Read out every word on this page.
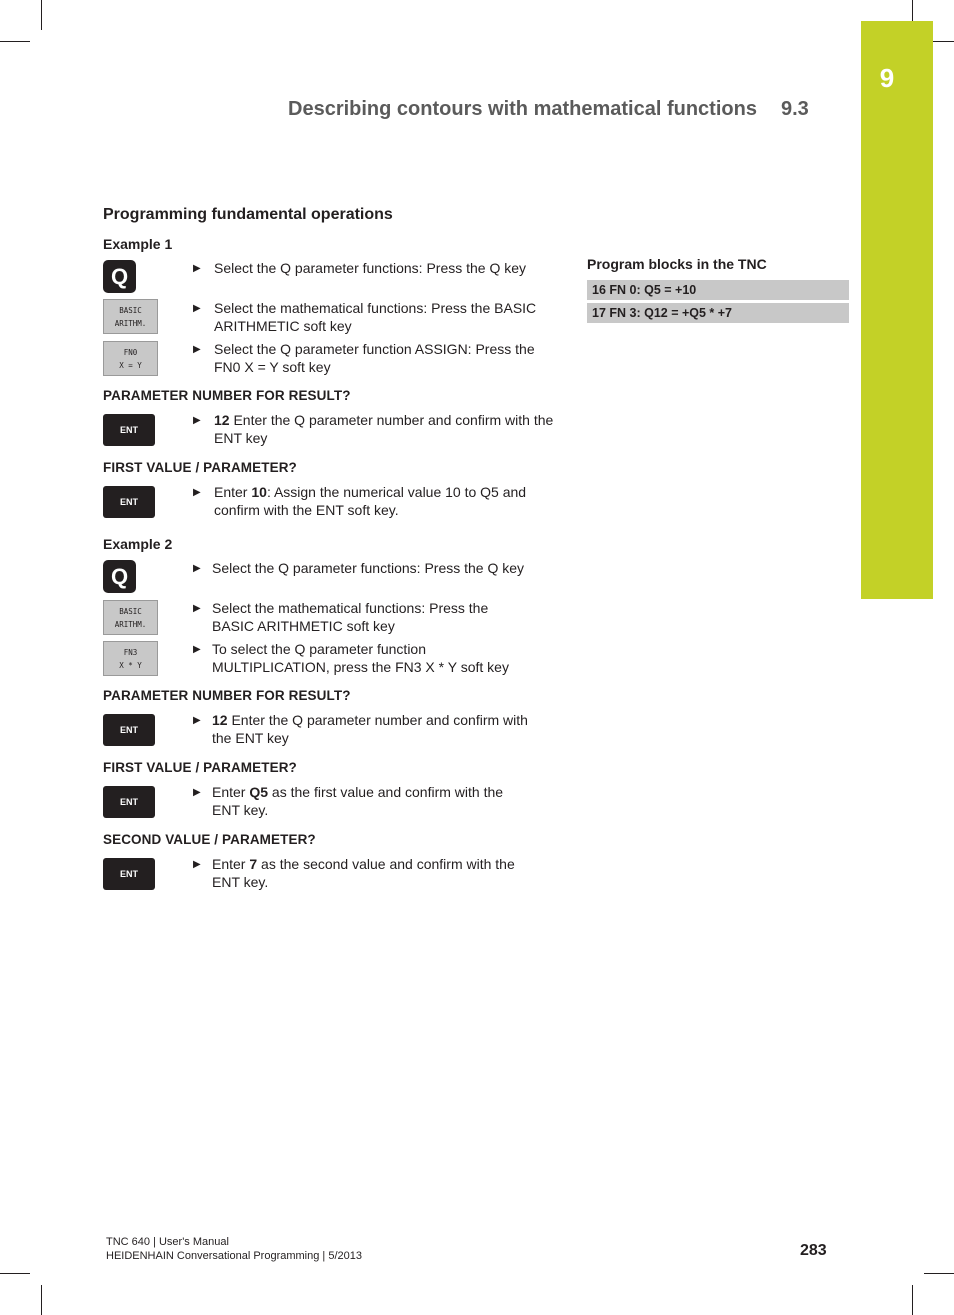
9
Describing contours with mathematical functions 9.3
Programming fundamental operations
Example 1
Q	▶ Select the Q parameter functions: Press the Q key
BASIC
ARITHM.
▶ Select the mathematical functions: Press the BASIC ARITHMETIC soft key
FN0
X = Y
▶ Select the Q parameter function ASSIGN: Press the FN0 X = Y soft key
PARAMETER NUMBER FOR RESULT?
ENT
▶ 12 Enter the Q parameter number and confirm with the ENT key
FIRST VALUE / PARAMETER?
ENT
▶ Enter 10: Assign the numerical value 10 to Q5 and confirm with the ENT soft key.
Example 2
Q	▶ Select the Q parameter functions: Press the Q key
BASIC
ARITHM.
▶ Select the mathematical functions: Press the BASIC ARITHMETIC soft key
FN3
X * Y
▶ To select the Q parameter function MULTIPLICATION, press the FN3 X * Y soft key
PARAMETER NUMBER FOR RESULT?
ENT
▶ 12 Enter the Q parameter number and confirm with the ENT key
FIRST VALUE / PARAMETER?
ENT
▶ Enter Q5 as the first value and confirm with the ENT key.
SECOND VALUE / PARAMETER?
ENT
▶ Enter 7 as the second value and confirm with the ENT key.
Program blocks in the TNC
16 FN 0: Q5 = +10
17 FN 3: Q12 = +Q5 * +7
TNC 640 | User's Manual
HEIDENHAIN Conversational Programming | 5/2013	283
